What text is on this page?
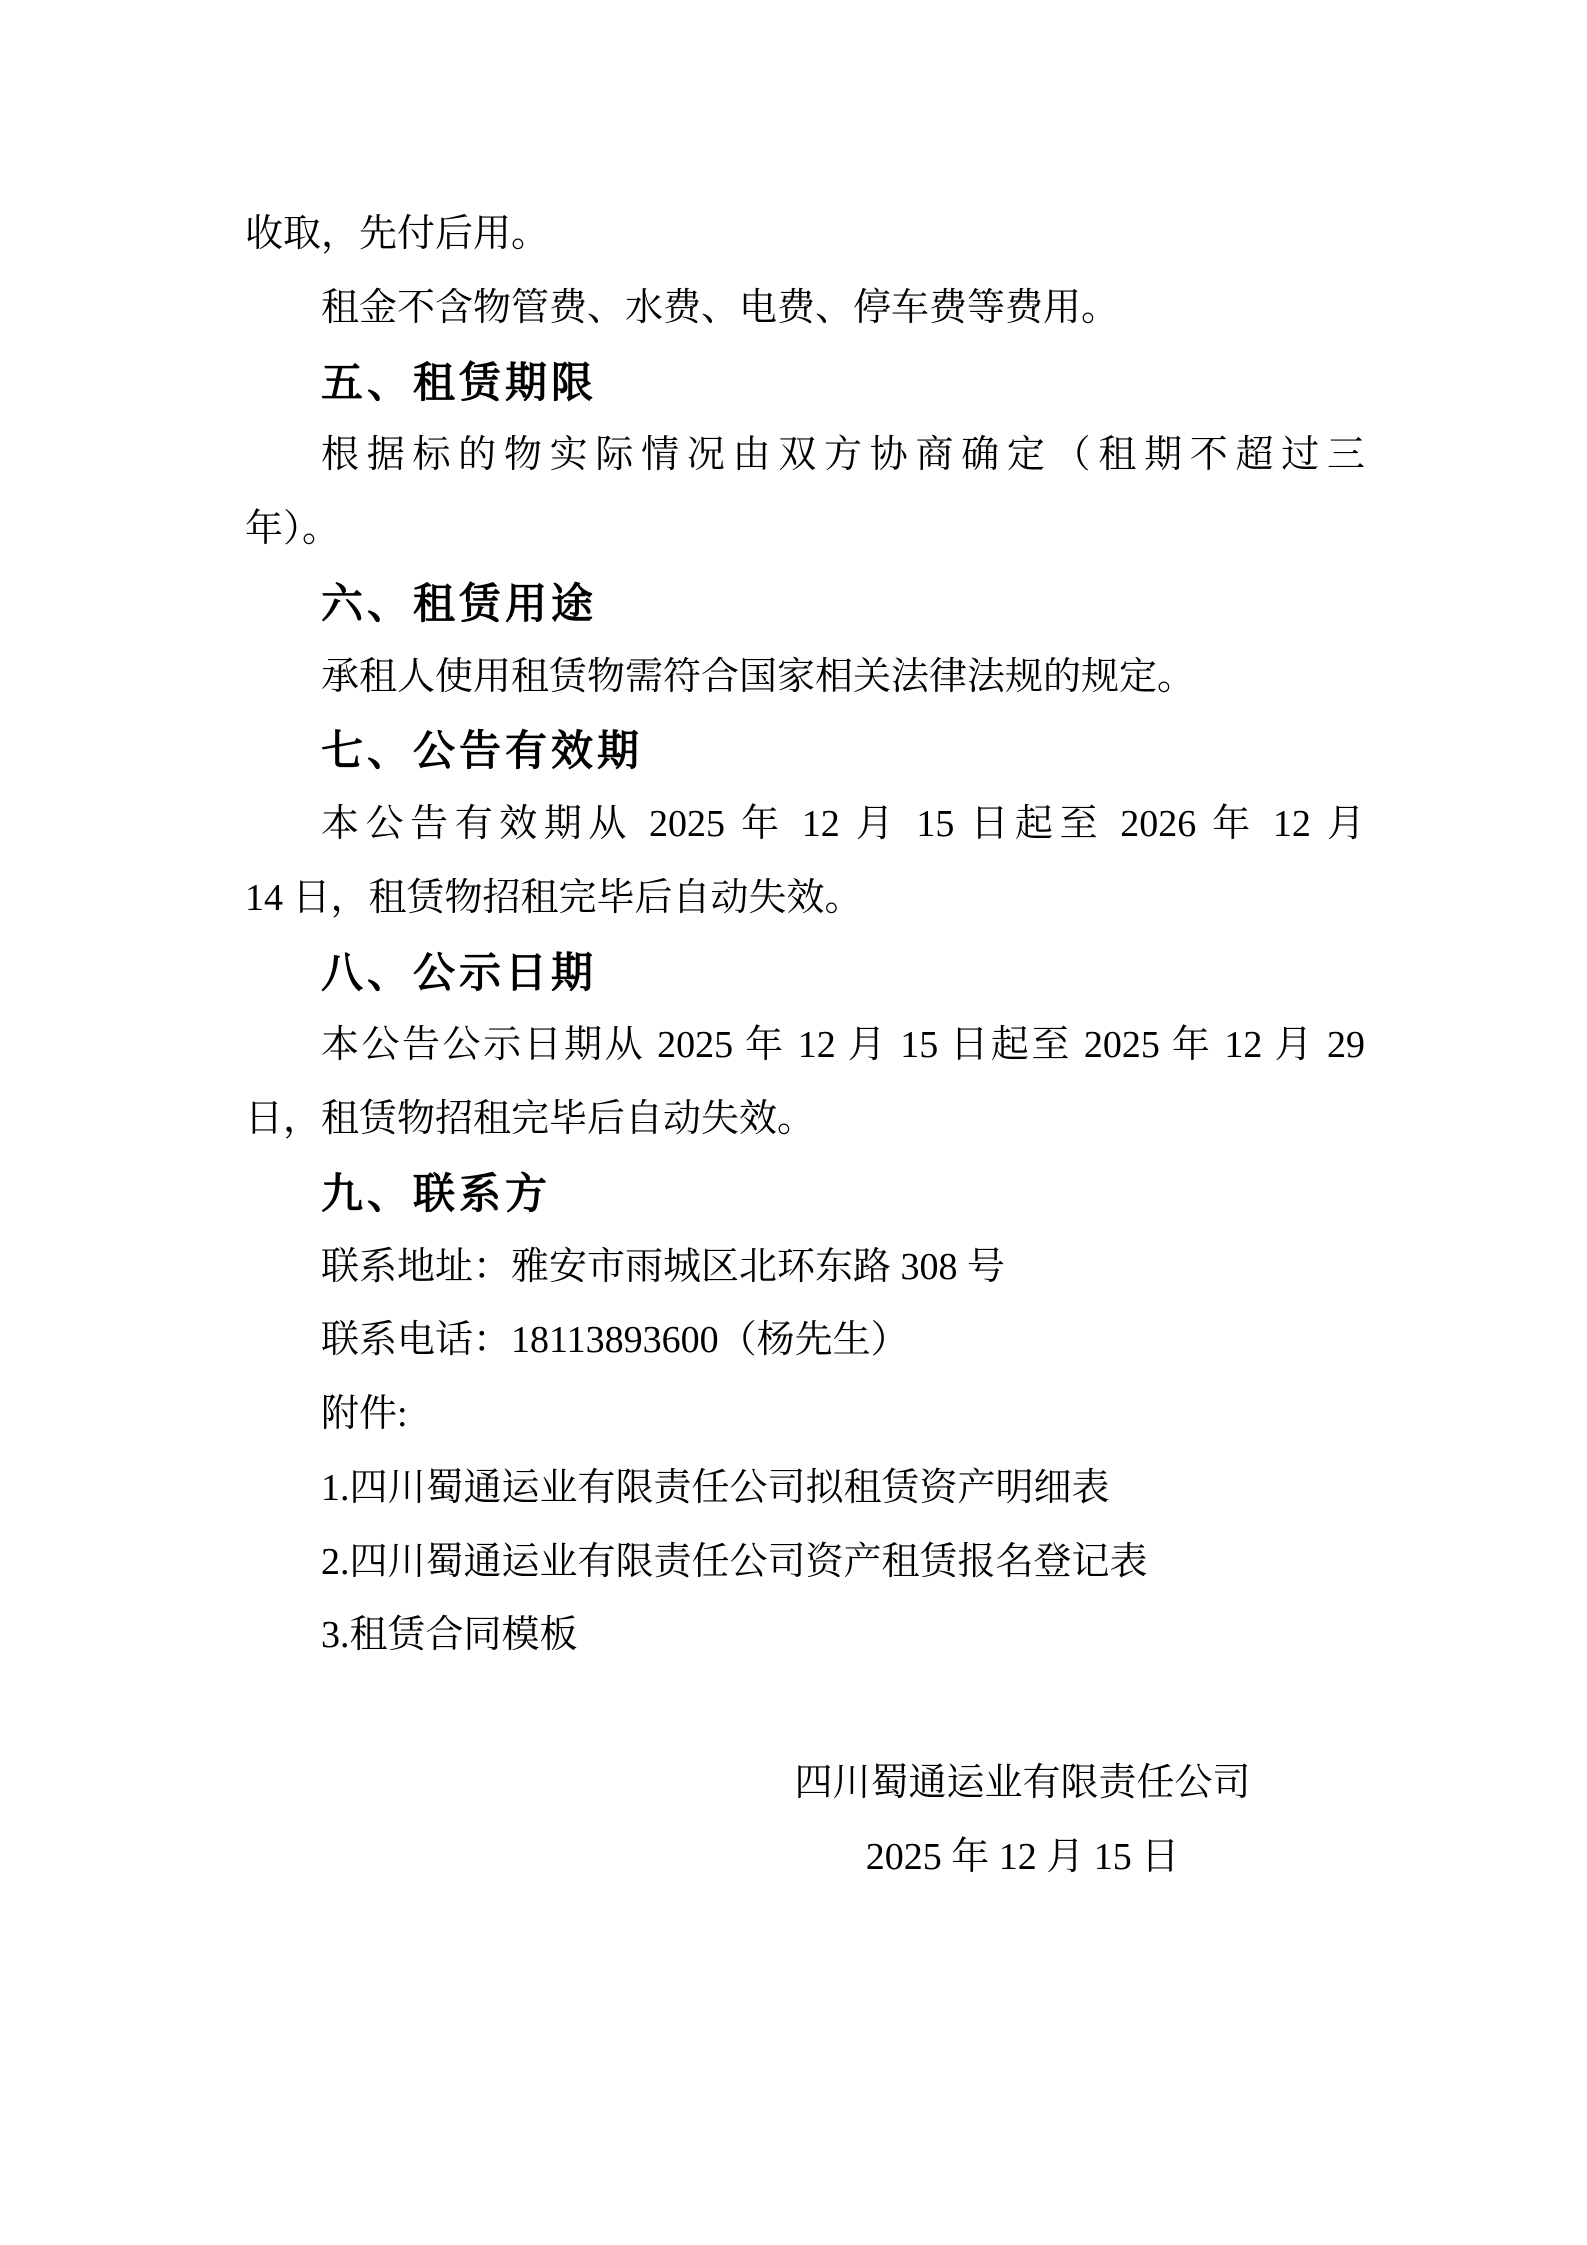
收取，先付后用。
租金不含物管费、水费、电费、停车费等费用。
五、租赁期限
根据标的物实际情况由双方协商确定（租期不超过三
年）。
六、租赁用途
承租人使用租赁物需符合国家相关法律法规的规定。
七、公告有效期
本公告有效期从 2025 年 12 月 15 日起至 2026 年 12 月
14 日，租赁物招租完毕后自动失效。
八、公示日期
本公告公示日期从 2025 年 12 月 15 日起至 2025 年 12 月 29
日，租赁物招租完毕后自动失效。
九、联系方
联系地址：雅安市雨城区北环东路 308 号
联系电话：18113893600（杨先生）
附件:
1.四川蜀通运业有限责任公司拟租赁资产明细表
2.四川蜀通运业有限责任公司资产租赁报名登记表
3.租赁合同模板
四川蜀通运业有限责任公司
2025 年 12 月 15 日
